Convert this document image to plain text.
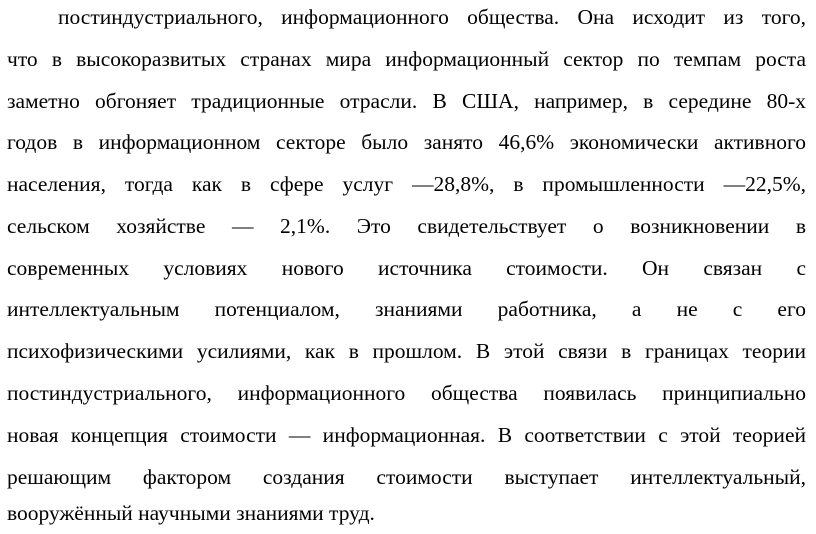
постиндустриального, информационного общества. Она исходит из того,
что в высокоразвитых странах мира информационный сектор по темпам роста
заметно обгоняет традиционные отрасли. В США, например, в середине 80-х
годов в информационном секторе было занято 46,6% экономически активного
населения, тогда как в сфере услуг —28,8%, в промышленности —22,5%,
сельском хозяйстве — 2,1%. Это свидетельствует о возникновении в
современных условиях нового источника стоимости. Он связан с
интеллектуальным потенциалом, знаниями работника, а не с его
психофизическими усилиями, как в прошлом. В этой связи в границах теории
постиндустриального, информационного общества появилась принципиально
новая концепция стоимости — информационная. В соответствии с этой теорией
решающим фактором создания стоимости выступает интеллектуальный,
вооружённый научными знаниями труд.
